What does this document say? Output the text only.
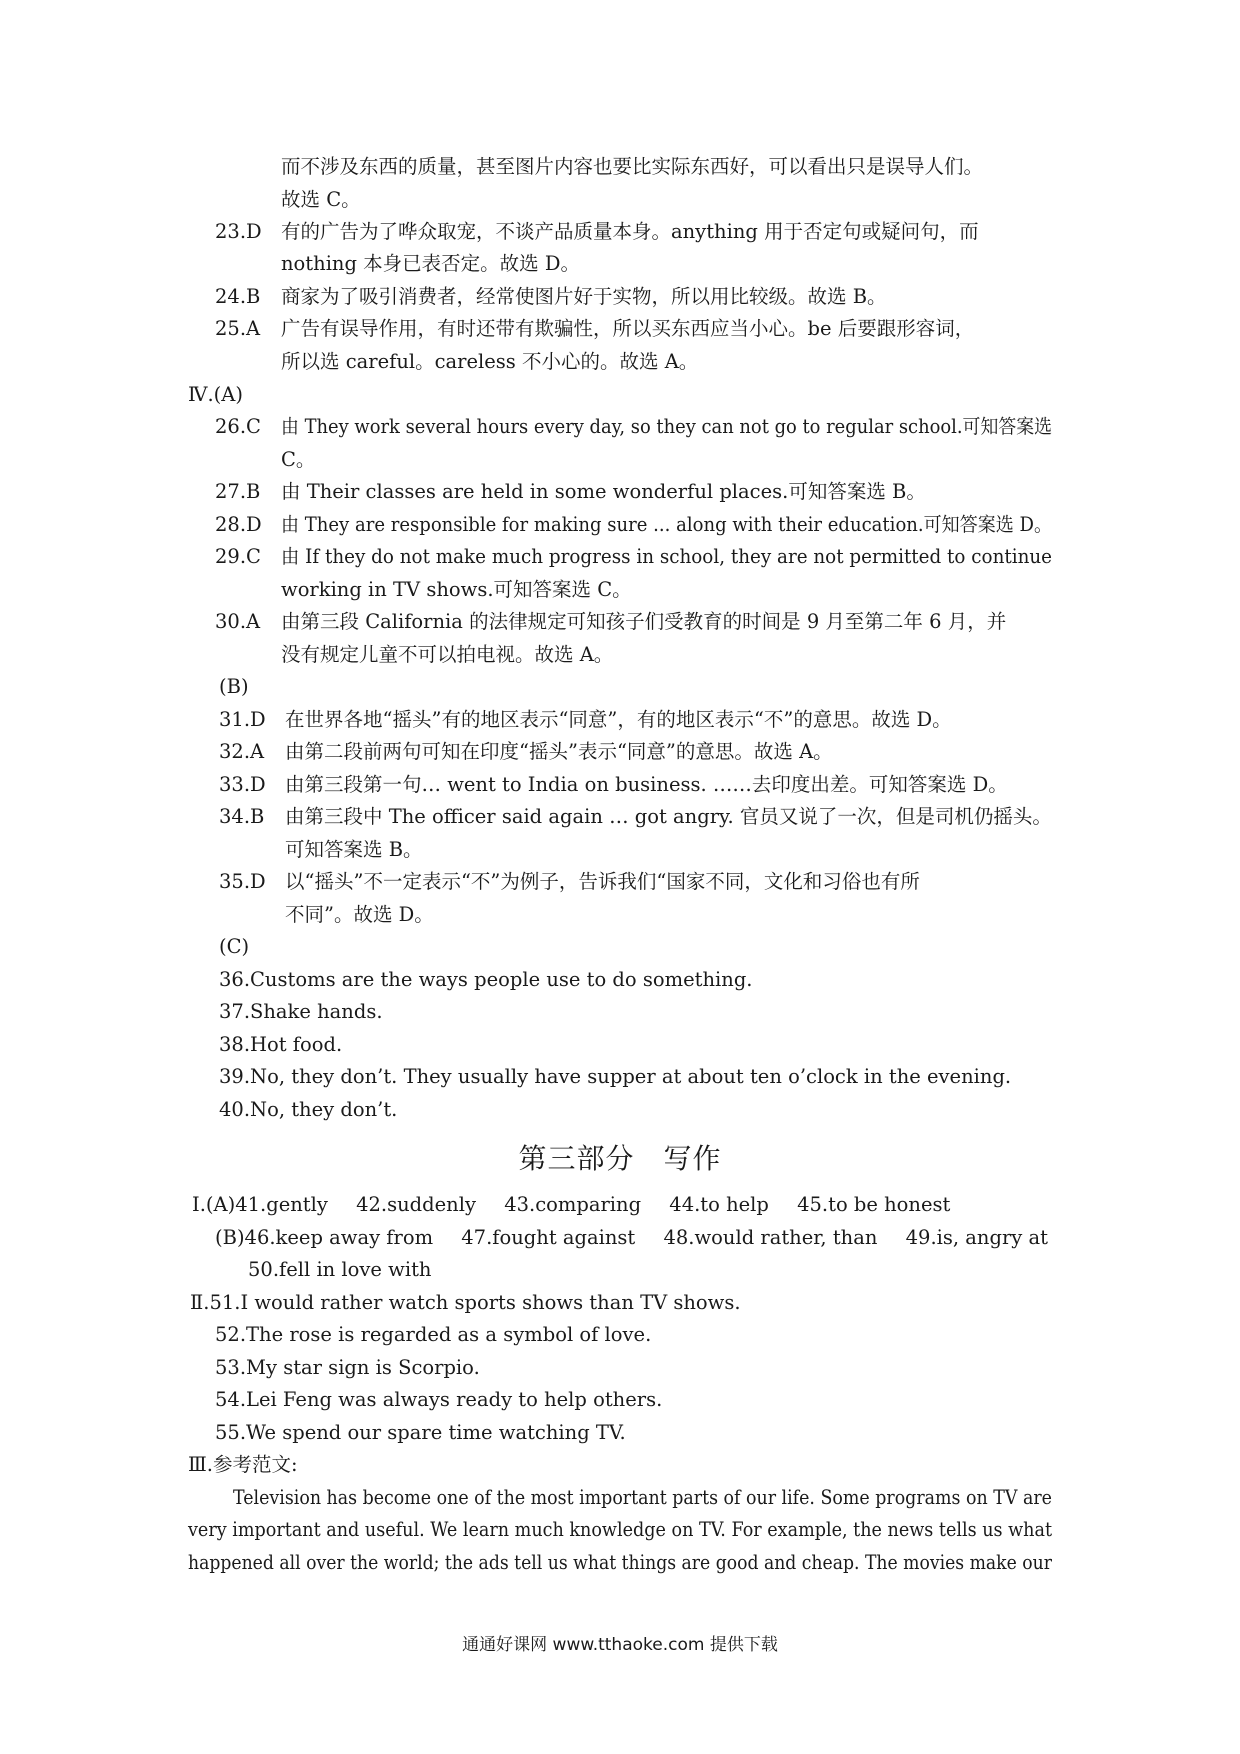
而不涉及东西的质量，甚至图片内容也要比实际东西好，可以看出只是误导人们。
故选 C。
23.D 有的广告为了哗众取宠，不谈产品质量本身。anything 用于否定句或疑问句，而
nothing 本身已表否定。故选 D。
24.B 商家为了吸引消费者，经常使图片好于实物，所以用比较级。故选 B。
25.A 广告有误导作用，有时还带有欺骗性，所以买东西应当小心。be 后要跟形容词，
所以选 careful。careless 不小心的。故选 A。
Ⅳ.(A)
26.C 由 They work several hours every day, so they can not go to regular school.可知答案选
C。
27.B 由 Their classes are held in some wonderful places.可知答案选 B。
28.D 由 They are responsible for making sure ... along with their education.可知答案选 D。
29.C 由 If they do not make much progress in school, they are not permitted to continue
working in TV shows.可知答案选 C。
30.A 由第三段 California 的法律规定可知孩子们受教育的时间是 9 月至第二年 6 月，并
没有规定儿童不可以拍电视。故选 A。
(B)
31.D 在世界各地“摇头”有的地区表示“同意”，有的地区表示“不”的意思。故选 D。
32.A 由第二段前两句可知在印度“摇头”表示“同意”的意思。故选 A。
33.D 由第三段第一句… went to India on business. ……去印度出差。可知答案选 D。
34.B 由第三段中 The officer said again … got angry. 官员又说了一次，但是司机仍摇头。
可知答案选 B。
35.D 以“摇头”不一定表示“不”为例子，告诉我们“国家不同，文化和习俗也有所
不同”。故选 D。
(C)
36.Customs are the ways people use to do something.
37.Shake hands.
38.Hot food.
39.No, they don’t. They usually have supper at about ten o’clock in the evening.
40.No, they don’t.
第三部分　写作
Ⅰ.(A)41.gently 42.suddenly 43.comparing 44.to help 45.to be honest
(B)46.keep away from 47.fought against 48.would rather, than 49.is, angry at
50.fell in love with
Ⅱ.51.I would rather watch sports shows than TV shows.
52.The rose is regarded as a symbol of love.
53.My star sign is Scorpio.
54.Lei Feng was always ready to help others.
55.We spend our spare time watching TV.
Ⅲ.参考范文:
Television has become one of the most important parts of our life. Some programs on TV are
very important and useful. We learn much knowledge on TV. For example, the news tells us what
happened all over the world; the ads tell us what things are good and cheap. The movies make our
通通好课网 www.tthaoke.com 提供下载
